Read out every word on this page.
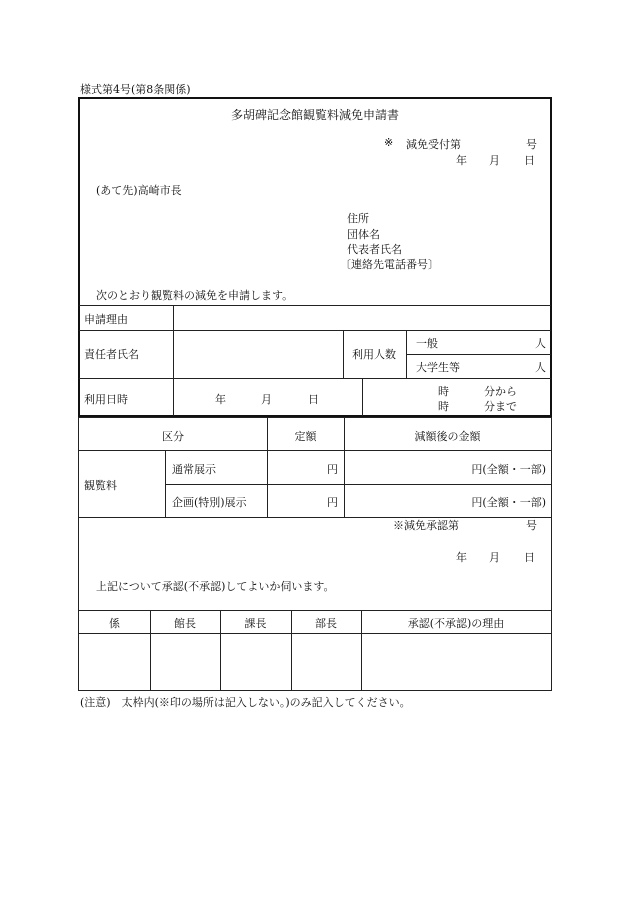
様式第4号(第8条関係)
多胡碑記念館観覧料減免申請書
※ 減免受付第	号
年 月 日
(あて先)高崎市長
住所
団体名
代表者氏名
〔連絡先電話番号〕
次のとおり観覧料の減免を申請します。
申請理由
責任者氏名	利用人数
一般	人
大学生等	人
利用日時	年	月	日
時	分から
時	分まで
区分	定額	減額後の金額
観覧料
通常展示	円	円(全額・一部)
企画(特別)展示	円	円(全額・一部)
※減免承認第	号
年 月 日
上記について承認(不承認)してよいか伺います。
係	館長	課長	部長	承認(不承認)の理由
(注意)　太枠内(※印の場所は記入しない。)のみ記入してください。
